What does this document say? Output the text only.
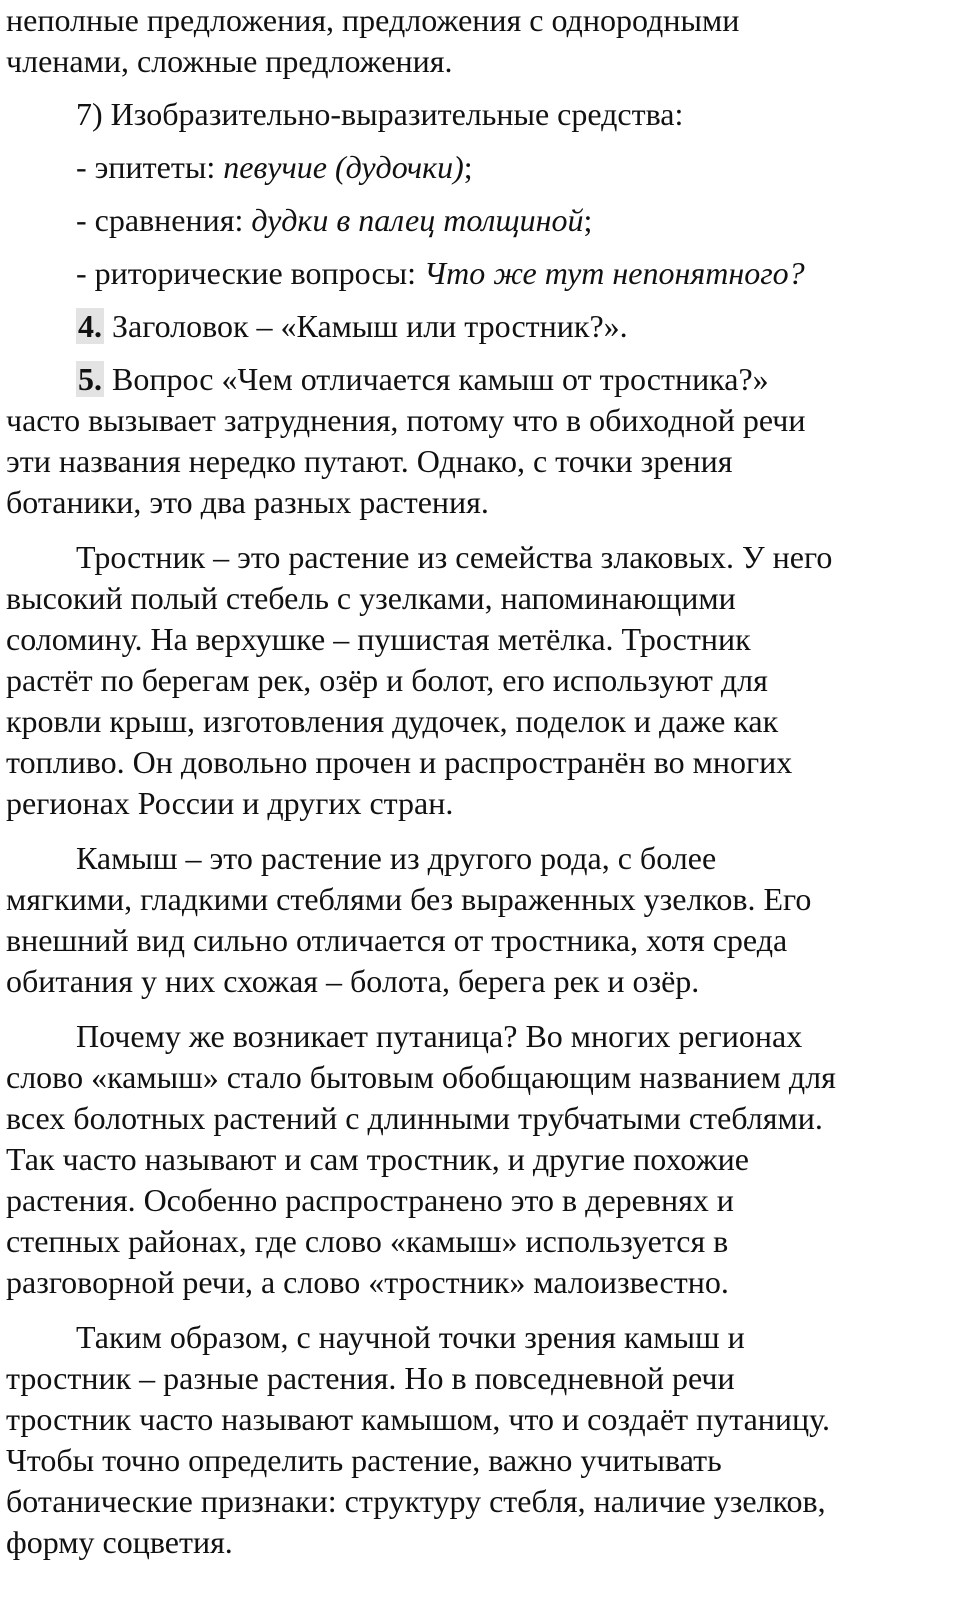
неполные предложения, предложения с однородными
членами, сложные предложения.
7) Изобразительно-выразительные средства:
- эпитеты: певучие (дудочки);
- сравнения: дудки в палец толщиной;
- риторические вопросы: Что же тут непонятного?
4. Заголовок – «Камыш или тростник?».
5. Вопрос «Чем отличается камыш от тростника?»
часто вызывает затруднения, потому что в обиходной речи
эти названия нередко путают. Однако, с точки зрения
ботаники, это два разных растения.
Тростник – это растение из семейства злаковых. У него
высокий полый стебель с узелками, напоминающими
соломину. На верхушке – пушистая метёлка. Тростник
растёт по берегам рек, озёр и болот, его используют для
кровли крыш, изготовления дудочек, поделок и даже как
топливо. Он довольно прочен и распространён во многих
регионах России и других стран.
Камыш – это растение из другого рода, с более
мягкими, гладкими стеблями без выраженных узелков. Его
внешний вид сильно отличается от тростника, хотя среда
обитания у них схожая – болота, берега рек и озёр.
Почему же возникает путаница? Во многих регионах
слово «камыш» стало бытовым обобщающим названием для
всех болотных растений с длинными трубчатыми стеблями.
Так часто называют и сам тростник, и другие похожие
растения. Особенно распространено это в деревнях и
степных районах, где слово «камыш» используется в
разговорной речи, а слово «тростник» малоизвестно.
Таким образом, с научной точки зрения камыш и
тростник – разные растения. Но в повседневной речи
тростник часто называют камышом, что и создаёт путаницу.
Чтобы точно определить растение, важно учитывать
ботанические признаки: структуру стебля, наличие узелков,
форму соцветия.
